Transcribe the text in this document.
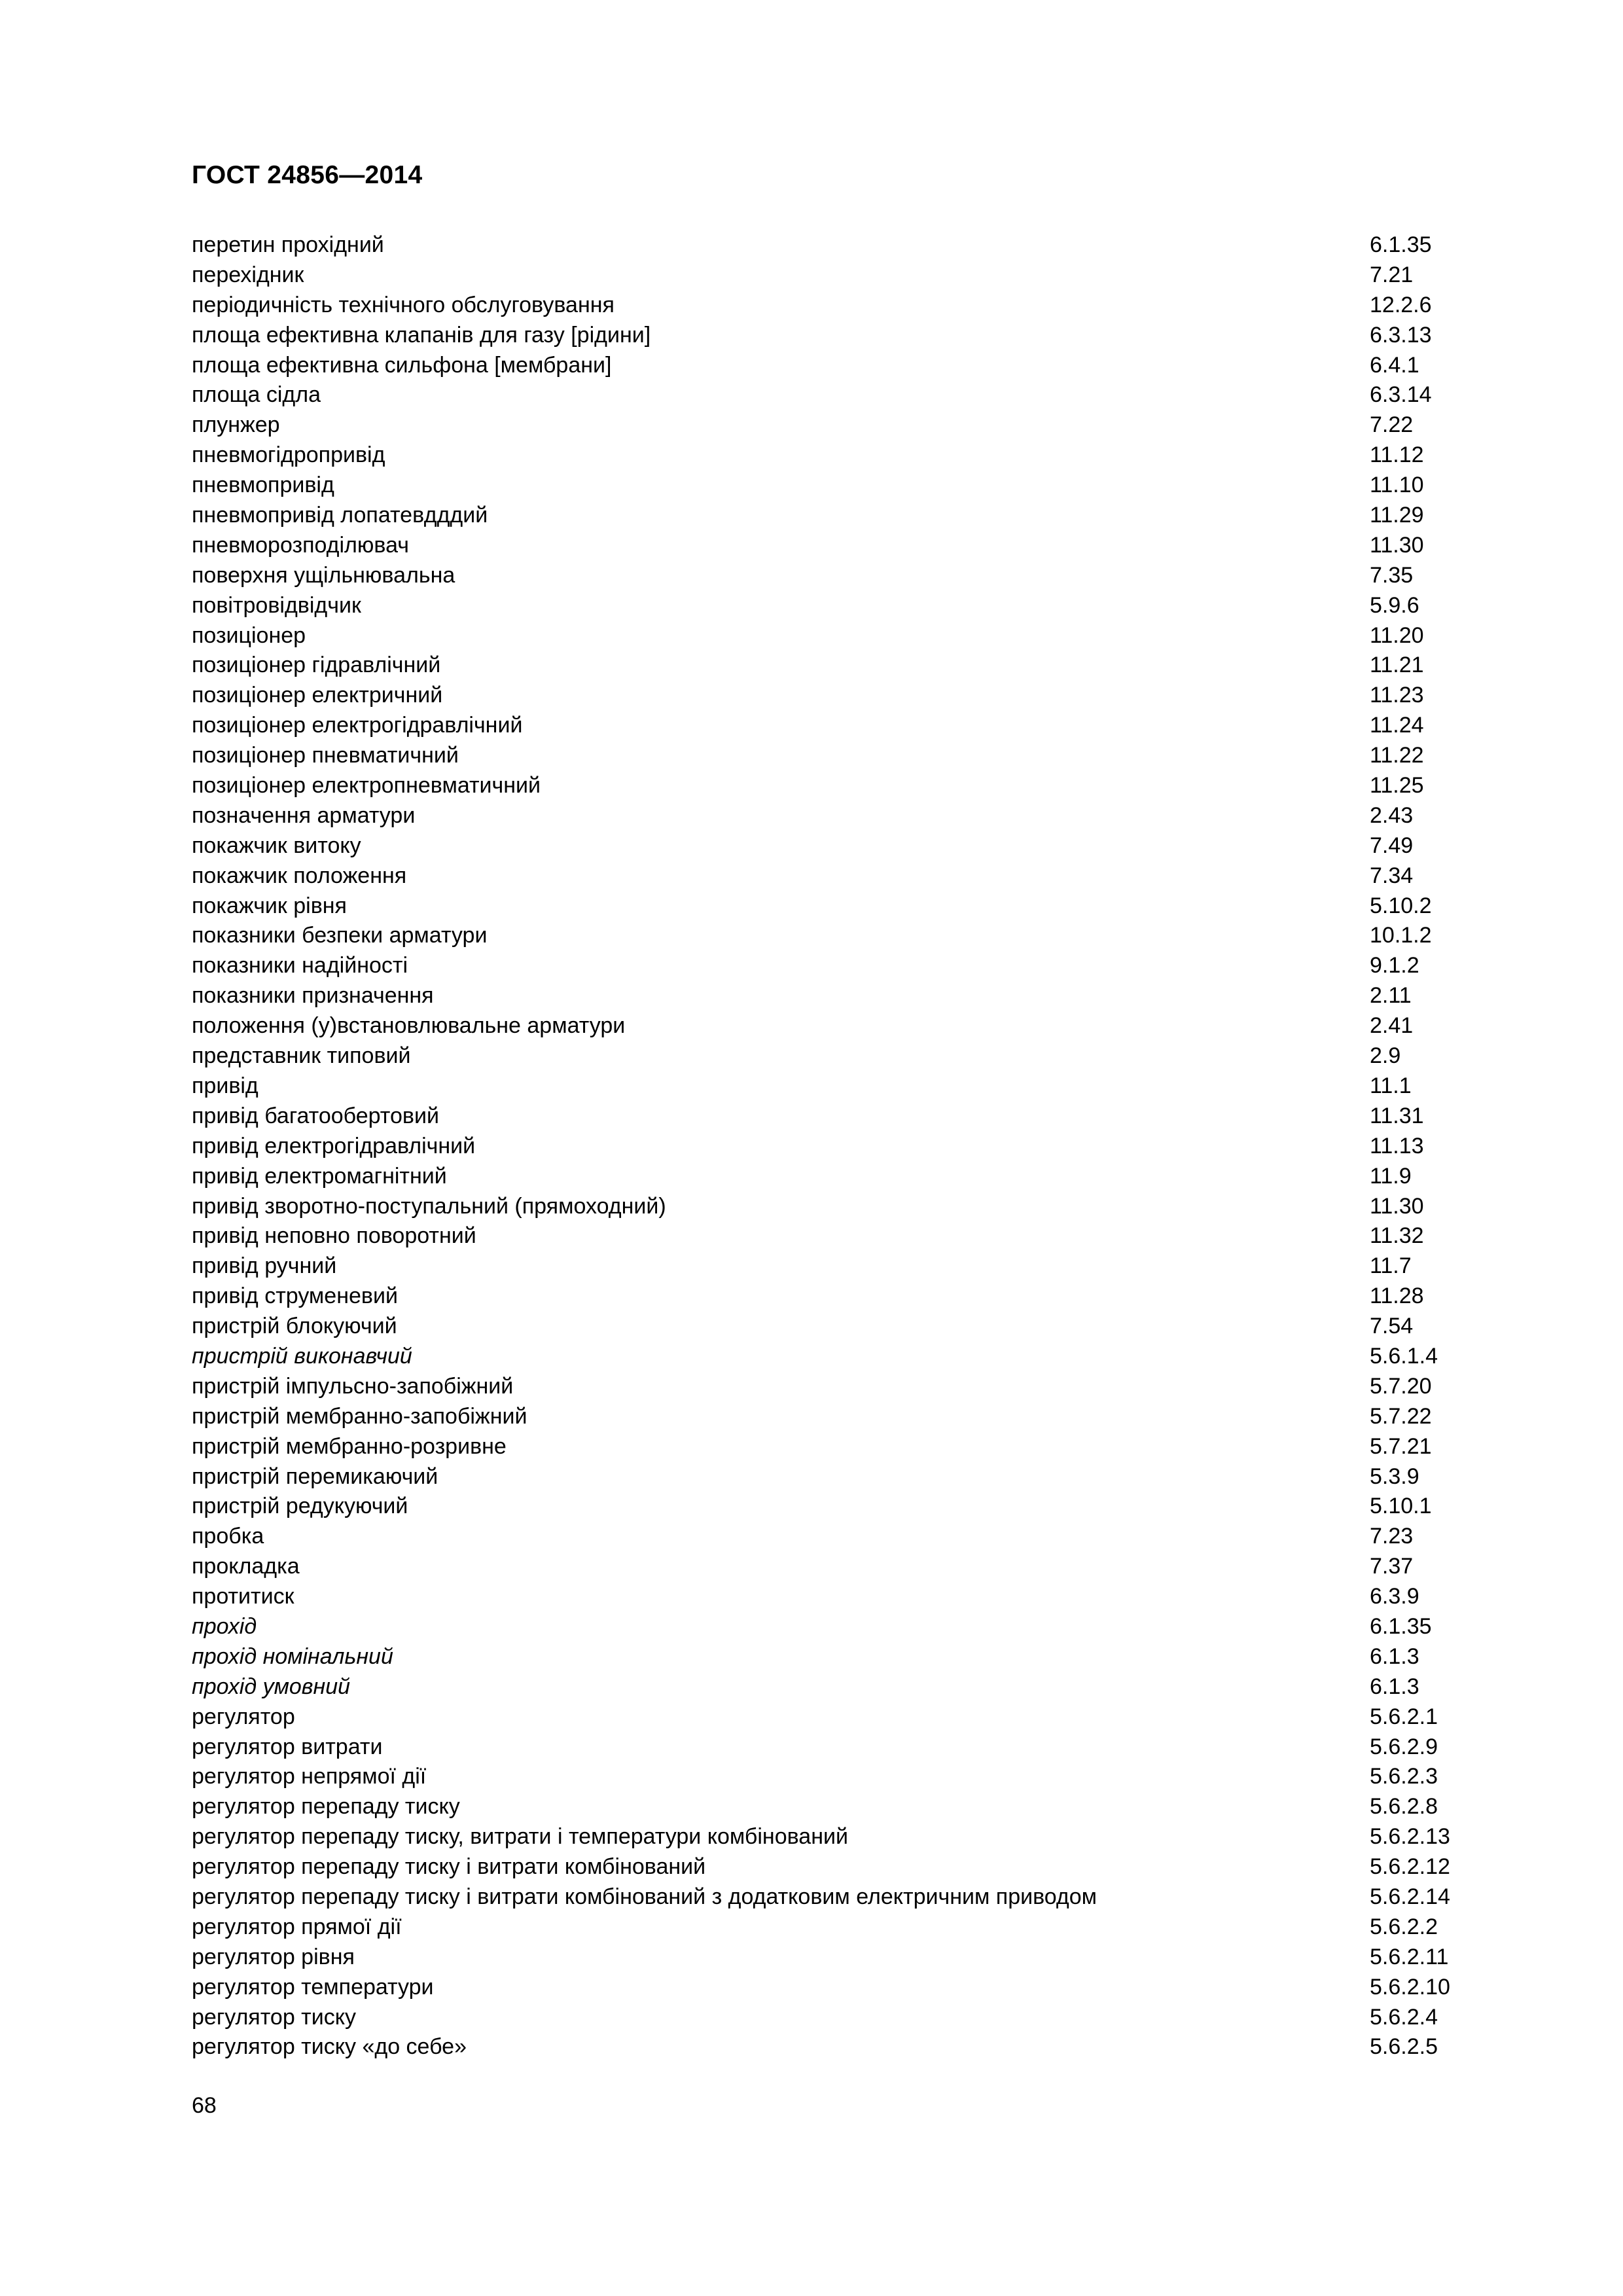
ГОСТ 24856—2014
перетин прохідний	6.1.35
перехідник	7.21
періодичність технічного обслуговування	12.2.6
площа ефективна клапанів для газу [рідини]	6.3.13
площа ефективна сильфона [мембрани]	6.4.1
площа сідла	6.3.14
плунжер	7.22
пневмогідропривід	11.12
пневмопривід	11.10
пневмопривід лопатевдддий	11.29
пневморозподілювач	11.30
поверхня ущільнювальна	7.35
повітровідвідчик	5.9.6
позиціонер	11.20
позиціонер гідравлічний	11.21
позиціонер електричний	11.23
позиціонер електрогідравлічний	11.24
позиціонер пневматичний	11.22
позиціонер електропневматичний	11.25
позначення арматури	2.43
покажчик витоку	7.49
покажчик положення	7.34
покажчик рівня	5.10.2
показники безпеки арматури	10.1.2
показники надійності	9.1.2
показники призначення	2.11
положення (у)встановлювальне арматури	2.41
представник типовий	2.9
привід	11.1
привід багатообертовий	11.31
привід електрогідравлічний	11.13
привід електромагнітний	11.9
привід зворотно-поступальний (прямоходний)	11.30
привід неповно поворотний	11.32
привід ручний	11.7
привід струменевий	11.28
пристрій блокуючий	7.54
пристрій виконавчий	5.6.1.4
пристрій імпульсно-запобіжний	5.7.20
пристрій мембранно-запобіжний	5.7.22
пристрій мембранно-розривне	5.7.21
пристрій перемикаючий	5.3.9
пристрій редукуючий	5.10.1
пробка	7.23
прокладка	7.37
протитиск	6.3.9
прохід	6.1.35
прохід номінальний	6.1.3
прохід умовний	6.1.3
регулятор	5.6.2.1
регулятор витрати	5.6.2.9
регулятор непрямої дії	5.6.2.3
регулятор перепаду тиску	5.6.2.8
регулятор перепаду тиску, витрати і температури комбінований	5.6.2.13
регулятор перепаду тиску і витрати комбінований	5.6.2.12
регулятор перепаду тиску і витрати комбінований з додатковим електричним приводом	5.6.2.14
регулятор прямої дії	5.6.2.2
регулятор рівня	5.6.2.11
регулятор температури	5.6.2.10
регулятор тиску	5.6.2.4
регулятор тиску «до себе»	5.6.2.5
68
